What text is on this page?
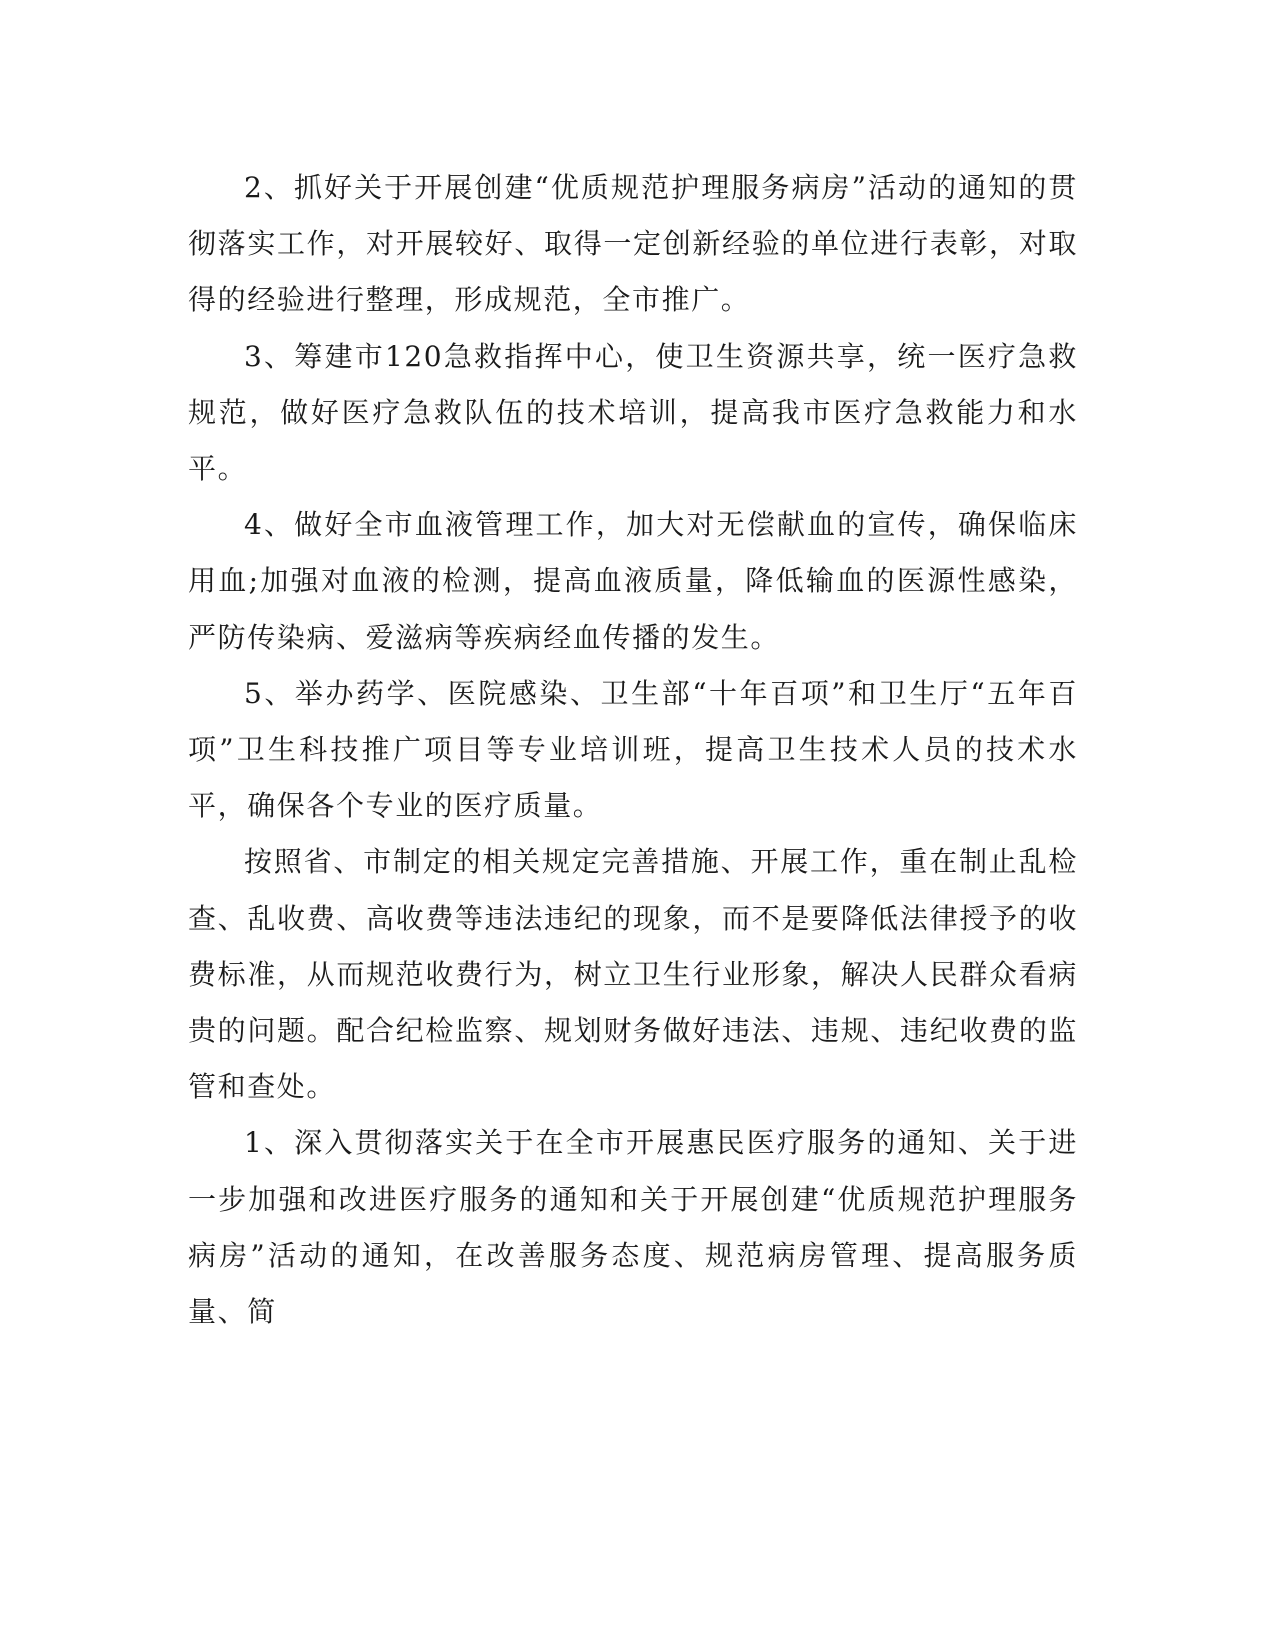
2、抓好关于开展创建“优质规范护理服务病房”活动的通知的贯彻落实工作，对开展较好、取得一定创新经验的单位进行表彰，对取得的经验进行整理，形成规范，全市推广。

3、筹建市120急救指挥中心，使卫生资源共享，统一医疗急救规范，做好医疗急救队伍的技术培训，提高我市医疗急救能力和水平。

4、做好全市血液管理工作，加大对无偿献血的宣传，确保临床用血;加强对血液的检测，提高血液质量，降低输血的医源性感染，严防传染病、爱滋病等疾病经血传播的发生。

5、举办药学、医院感染、卫生部“十年百项”和卫生厅“五年百项”卫生科技推广项目等专业培训班，提高卫生技术人员的技术水平，确保各个专业的医疗质量。

按照省、市制定的相关规定完善措施、开展工作，重在制止乱检查、乱收费、高收费等违法违纪的现象，而不是要降低法律授予的收费标准，从而规范收费行为，树立卫生行业形象，解决人民群众看病贵的问题。配合纪检监察、规划财务做好违法、违规、违纪收费的监管和查处。

1、深入贯彻落实关于在全市开展惠民医疗服务的通知、关于进一步加强和改进医疗服务的通知和关于开展创建“优质规范护理服务病房”活动的通知，在改善服务态度、规范病房管理、提高服务质量、简
